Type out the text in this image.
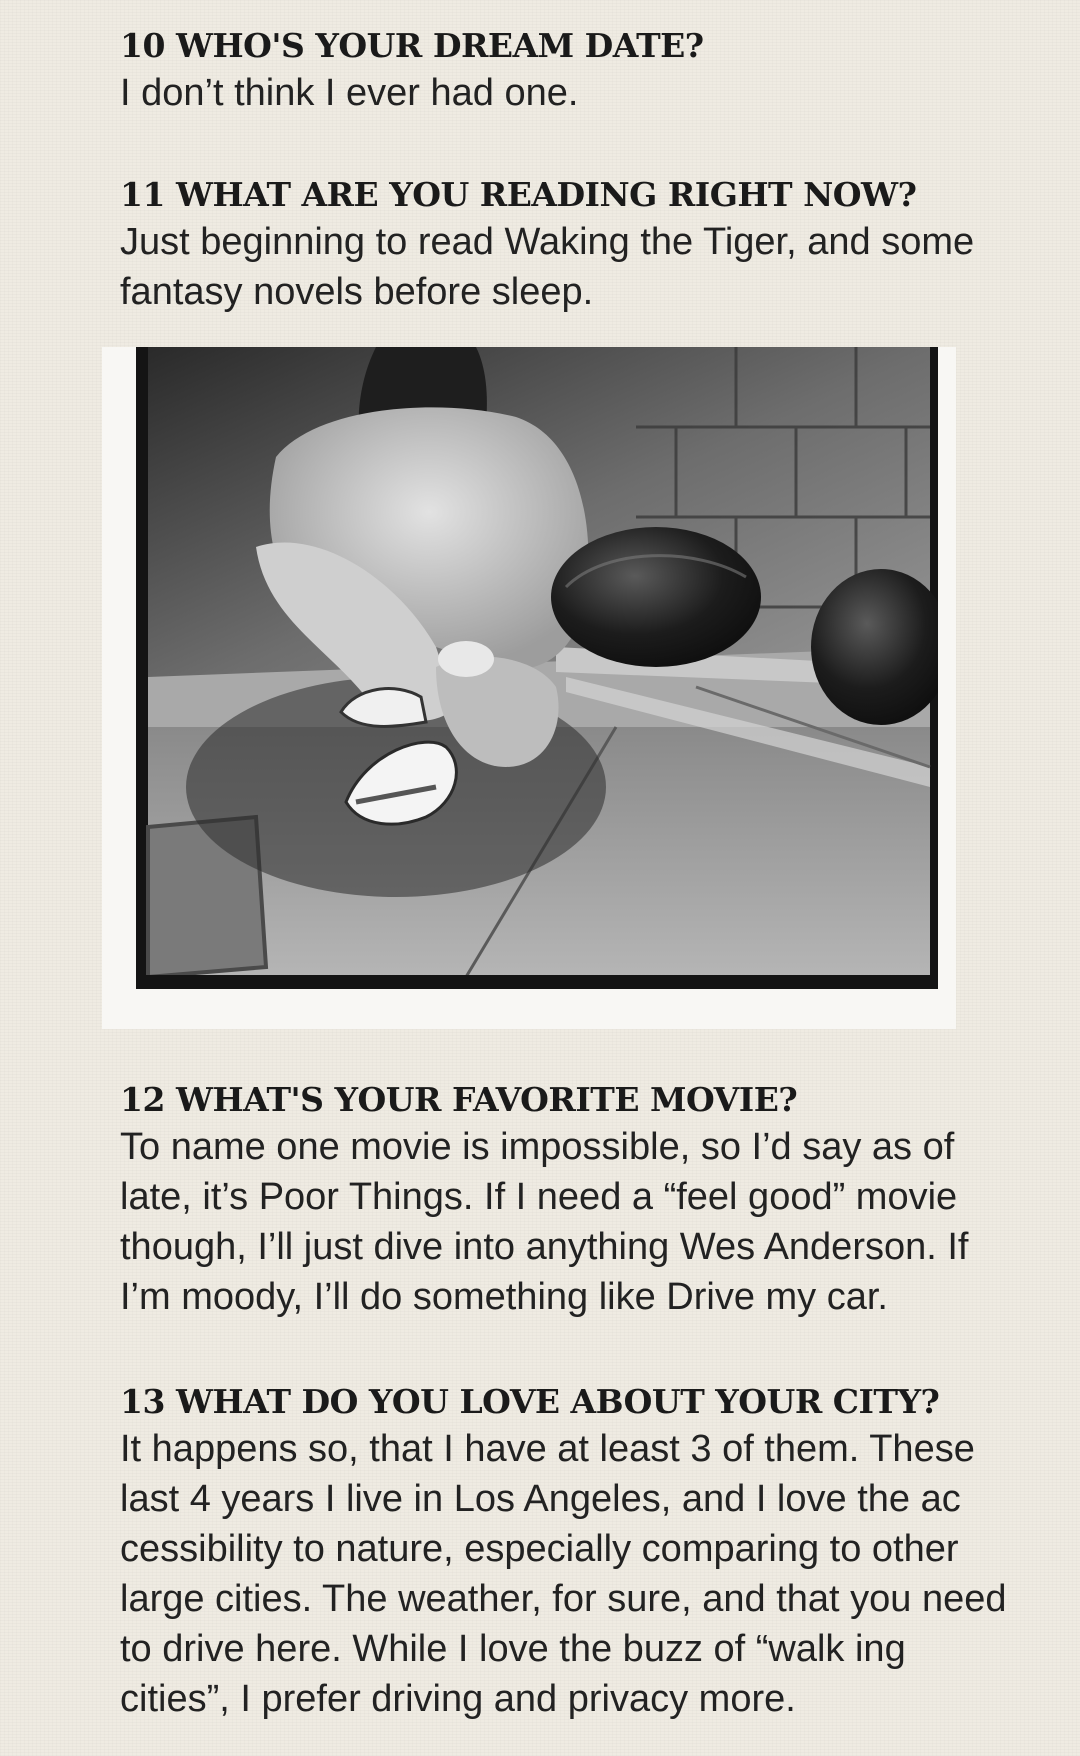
10 WHO'S YOUR DREAM DATE?

I don’t think I ever had one.

11 WHAT ARE YOU READING RIGHT NOW?

Just beginning to read Waking the Tiger, and some fantasy novels before sleep.

12 WHAT'S YOUR FAVORITE MOVIE?

To name one movie is impossible, so I’d say as of late, it’s Poor Things. If I need a “feel good” movie though, I’ll just dive into anything Wes Anderson. If I’m moody, I’ll do something like Drive my car.

13 WHAT DO YOU LOVE ABOUT YOUR CITY?

It happens so, that I have at least 3 of them. These last 4 years I live in Los Angeles, and I love the ac cessibility to nature, especially comparing to other large cities. The weather, for sure, and that you need to drive here. While I love the buzz of “walk ing cities”, I prefer driving and privacy more.
